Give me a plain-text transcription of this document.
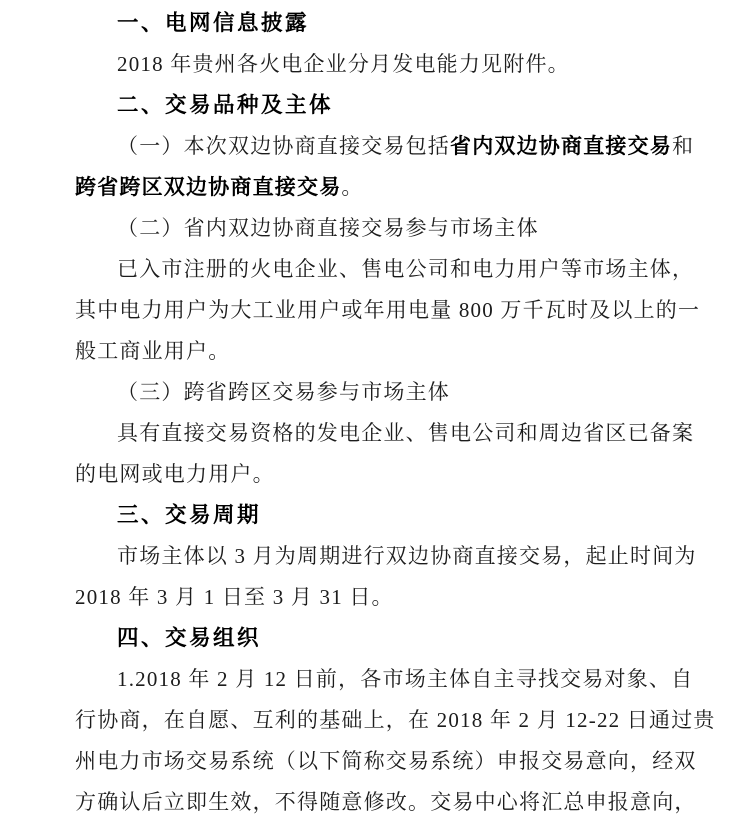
一、电网信息披露
2018 年贵州各火电企业分月发电能力见附件。
二、交易品种及主体
（一）本次双边协商直接交易包括省内双边协商直接交易和
跨省跨区双边协商直接交易。
（二）省内双边协商直接交易参与市场主体
已入市注册的火电企业、售电公司和电力用户等市场主体，
其中电力用户为大工业用户或年用电量 800 万千瓦时及以上的一
般工商业用户。
（三）跨省跨区交易参与市场主体
具有直接交易资格的发电企业、售电公司和周边省区已备案
的电网或电力用户。
三、交易周期
市场主体以 3 月为周期进行双边协商直接交易，起止时间为
2018 年 3 月 1 日至 3 月 31 日。
四、交易组织
1.2018 年 2 月 12 日前，各市场主体自主寻找交易对象、自
行协商，在自愿、互利的基础上，在 2018 年 2 月 12-22 日通过贵
州电力市场交易系统（以下简称交易系统）申报交易意向，经双
方确认后立即生效，不得随意修改。交易中心将汇总申报意向，
